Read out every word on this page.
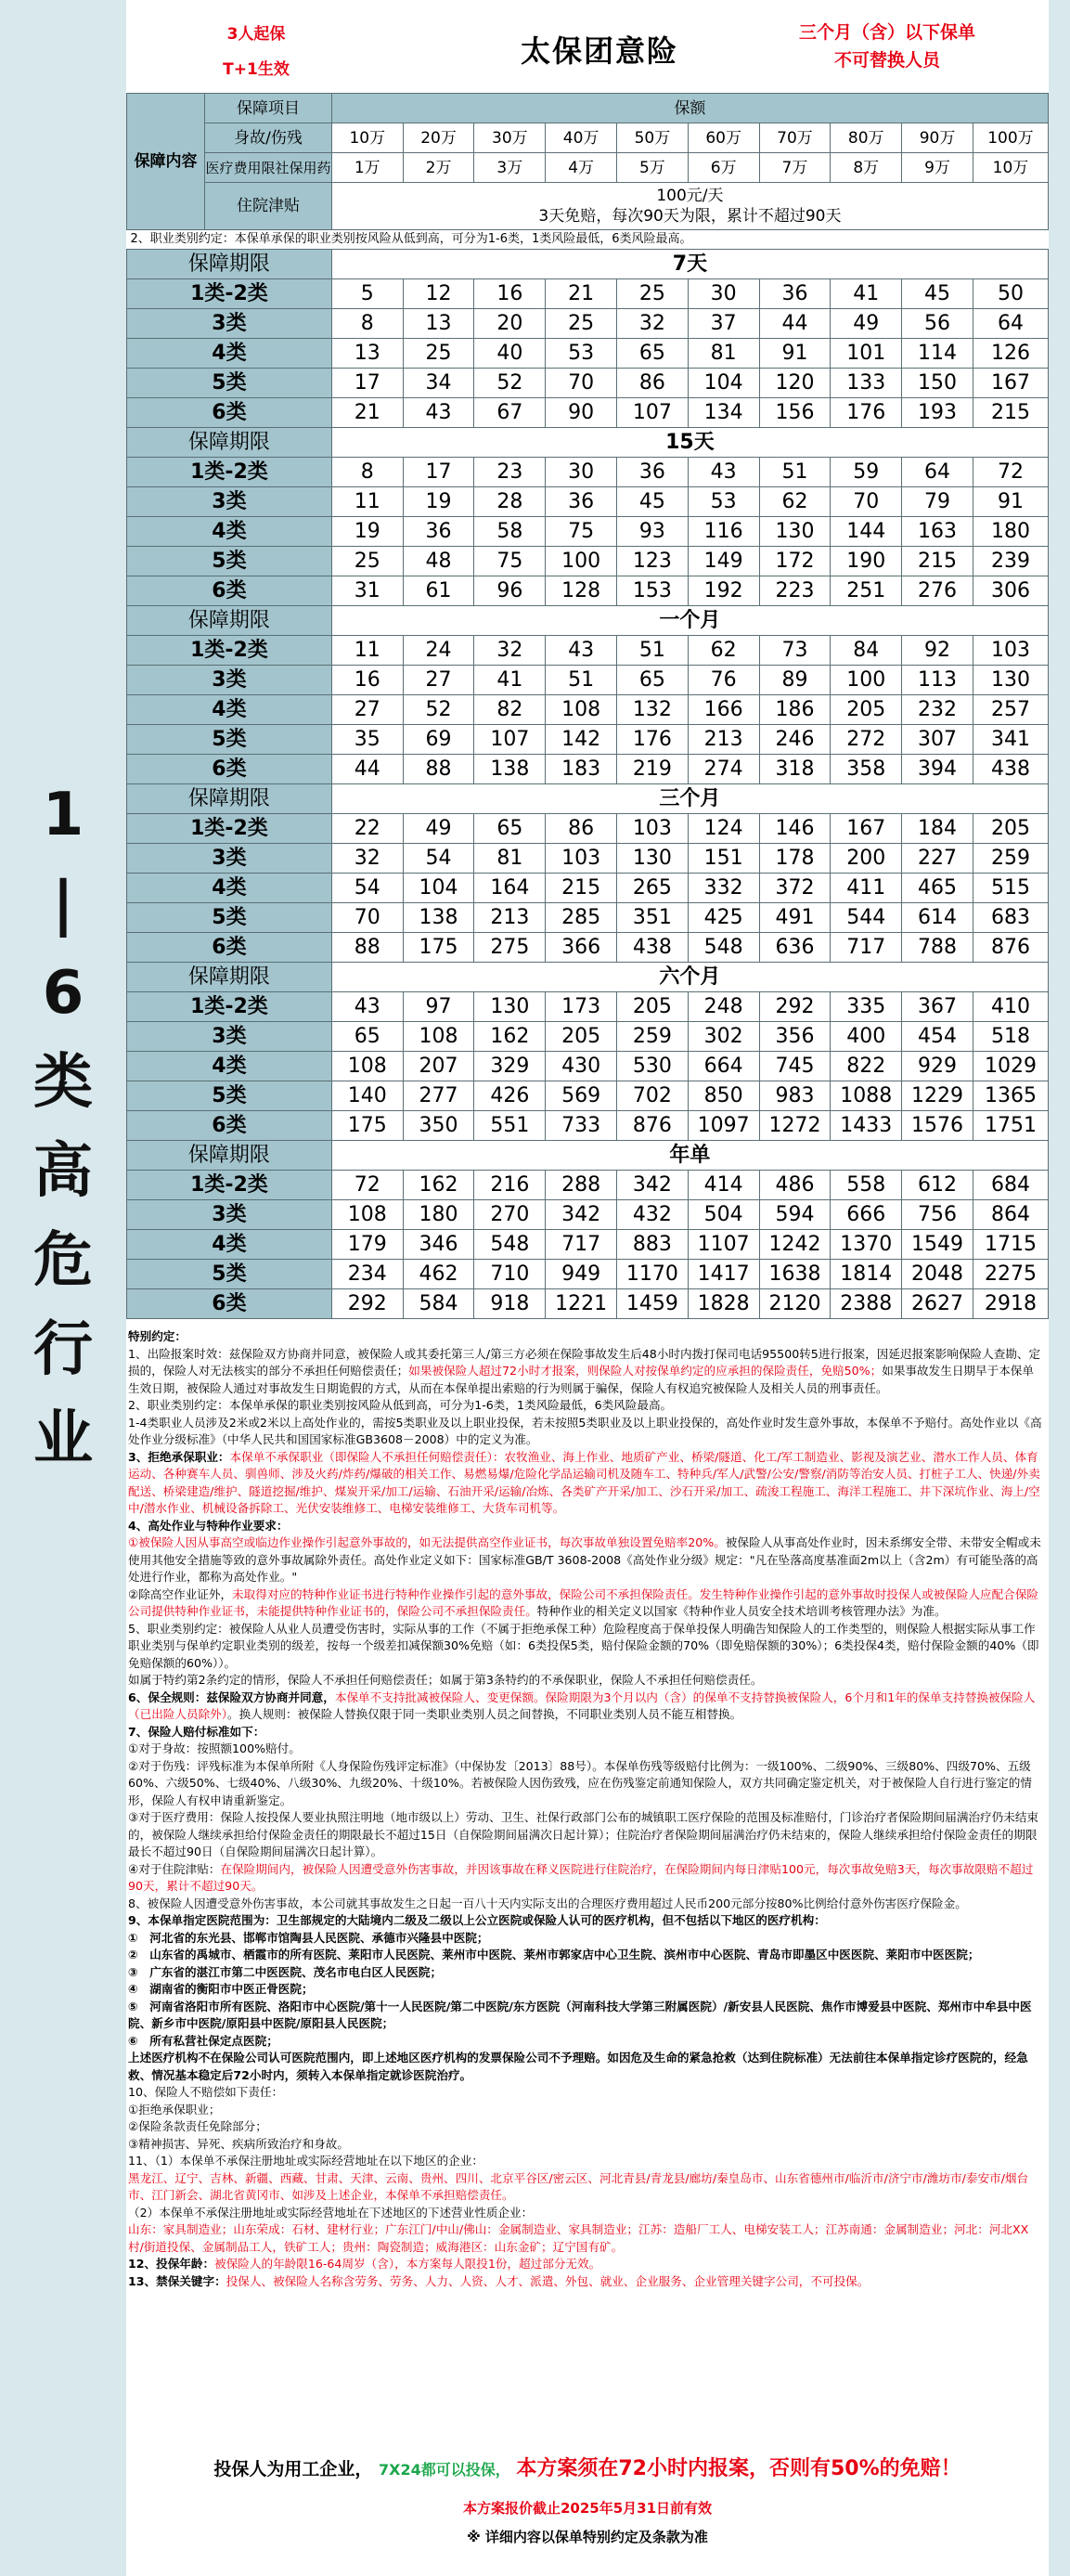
1
|
6
类
高
危
行
业
3人起保
T+1生效
太保团意险
三个月（含）以下保单
不可替换人员
保障内容	保障项目	保额									
	身故/伤残	10万	20万	30万	40万	50万	60万	70万	80万	90万	100万
	医疗费用限社保用药	1万	2万	3万	4万	5万	6万	7万	8万	9万	10万
	住院津贴	100元/天
3天免赔，每次90天为限，累计不超过90天									

2、职业类别约定：本保单承保的职业类别按风险从低到高，可分为1-6类，1类风险最低，6类风险最高。											
保障期限		7天									
1类-2类		5	12	16	21	25	30	36	41	45	50
3类		8	13	20	25	32	37	44	49	56	64
4类		13	25	40	53	65	81	91	101	114	126
5类		17	34	52	70	86	104	120	133	150	167
6类		21	43	67	90	107	134	156	176	193	215
保障期限		15天									
1类-2类		8	17	23	30	36	43	51	59	64	72
3类		11	19	28	36	45	53	62	70	79	91
4类		19	36	58	75	93	116	130	144	163	180
5类		25	48	75	100	123	149	172	190	215	239
6类		31	61	96	128	153	192	223	251	276	306
保障期限		一个月									
1类-2类		11	24	32	43	51	62	73	84	92	103
3类		16	27	41	51	65	76	89	100	113	130
4类		27	52	82	108	132	166	186	205	232	257
5类		35	69	107	142	176	213	246	272	307	341
6类		44	88	138	183	219	274	318	358	394	438
保障期限		三个月									
1类-2类		22	49	65	86	103	124	146	167	184	205
3类		32	54	81	103	130	151	178	200	227	259
4类		54	104	164	215	265	332	372	411	465	515
5类		70	138	213	285	351	425	491	544	614	683
6类		88	175	275	366	438	548	636	717	788	876
保障期限		六个月									
1类-2类		43	97	130	173	205	248	292	335	367	410
3类		65	108	162	205	259	302	356	400	454	518
4类		108	207	329	430	530	664	745	822	929	1029
5类		140	277	426	569	702	850	983	1088	1229	1365
6类		175	350	551	733	876	1097	1272	1433	1576	1751
保障期限		年单									
1类-2类		72	162	216	288	342	414	486	558	612	684
3类		108	180	270	342	432	504	594	666	756	864
4类		179	346	548	717	883	1107	1242	1370	1549	1715
5类		234	462	710	949	1170	1417	1638	1814	2048	2275
6类		292	584	918	1221	1459	1828	2120	2388	2627	2918

特别约定：

1、出险报案时效：兹保险双方协商并同意，被保险人或其委托第三人/第三方必须在保险事故发生后48小时内拨打保司电话95500转5进行报案，因延迟报案影响保险人查勘、定损的，保险人对无法核实的部分不承担任何赔偿责任；如果被保险人超过72小时才报案，则保险人对按保单约定的应承担的保险责任，免赔50%；如果事故发生日期早于本保单生效日期，被保险人通过对事故发生日期诡假的方式，从而在本保单提出索赔的行为则属于骗保，保险人有权追究被保险人及相关人员的刑事责任。

2、职业类别约定：本保单承保的职业类别按风险从低到高，可分为1-6类，1类风险最低，6类风险最高。

1-4类职业人员涉及2米或2米以上高处作业的，需按5类职业及以上职业投保，若未按照5类职业及以上职业投保的，高处作业时发生意外事故，本保单不予赔付。高处作业以《高处作业分级标准》（中华人民共和国国家标准GB3608－2008）中的定义为准。

3、拒绝承保职业：本保单不承保职业（即保险人不承担任何赔偿责任）：农牧渔业、海上作业、地质矿产业、桥梁/隧道、化工/军工制造业、影视及演艺业、潜水工作人员、体育运动、各种赛车人员、驯兽师、涉及火药/炸药/爆破的相关工作、易燃易爆/危险化学品运输司机及随车工、特种兵/军人/武警/公安/警察/消防等治安人员、打桩子工人、快递/外卖配送、桥梁建造/维护、隧道挖掘/维护、煤炭开采/加工/运输、石油开采/运输/冶炼、各类矿产开采/加工、沙石开采/加工、疏浚工程施工、海洋工程施工、井下深坑作业、海上/空中/潜水作业、机械设备拆除工、光伏安装维修工、电梯安装维修工、大货车司机等。

4、高处作业与特种作业要求：

①被保险人因从事高空或临边作业操作引起意外事故的，如无法提供高空作业证书，每次事故单独设置免赔率20%。被保险人从事高处作业时，因未系绑安全带、未带安全帽或未使用其他安全措施等致的意外事故属除外责任。高处作业定义如下：国家标准GB/T 3608-2008《高处作业分级》规定："凡在坠落高度基准面2m以上（含2m）有可能坠落的高处进行作业，都称为高处作业。"

②除高空作业证外，未取得对应的特种作业证书进行特种作业操作引起的意外事故，保险公司不承担保险责任。发生特种作业操作引起的意外事故时投保人或被保险人应配合保险公司提供特种作业证书，未能提供特种作业证书的，保险公司不承担保险责任。特种作业的相关定义以国家《特种作业人员安全技术培训考核管理办法》为准。

5、职业类别约定：被保险人从业人员遭受伤害时，实际从事的工作（不属于拒绝承保工种）危险程度高于保单投保人明确告知保险人的工作类型的，则保险人根据实际从事工作职业类别与保单约定职业类别的级差，按每一个级差扣减保额30%免赔（如：6类投保5类，赔付保险金额的70%（即免赔保额的30%）；6类投保4类，赔付保险金额的40%（即免赔保额的60%））。

如属于特约第2条约定的情形，保险人不承担任何赔偿责任；如属于第3条特约的不承保职业，保险人不承担任何赔偿责任。

6、保全规则：兹保险双方协商并同意，本保单不支持批减被保险人、变更保额。保险期限为3个月以内（含）的保单不支持替换被保险人，6个月和1年的保单支持替换被保险人（已出险人员除外）。换人规则：被保险人替换仅限于同一类职业类别人员之间替换，不同职业类别人员不能互相替换。

7、保险人赔付标准如下：

①对于身故：按照额100%赔付。

②对于伤残：评残标准为本保单所附《人身保险伤残评定标准》（中保协发〔2013〕88号）。本保单伤残等级赔付比例为：一级100%、二级90%、三级80%、四级70%、五级60%、六级50%、七级40%、八级30%、九级20%、十级10%。若被保险人因伤致残，应在伤残鉴定前通知保险人，双方共同确定鉴定机关，对于被保险人自行进行鉴定的情形，保险人有权申请重新鉴定。

③对于医疗费用：保险人按投保人要业执照注明地（地市级以上）劳动、卫生、社保行政部门公布的城镇职工医疗保险的范围及标准赔付，门诊治疗者保险期间届满治疗仍未结束的，被保险人继续承担给付保险金责任的期限最长不超过15日（自保险期间届满次日起计算）；住院治疗者保险期间届满治疗仍未结束的，保险人继续承担给付保险金责任的期限最长不超过90日（自保险期间届满次日起计算）。

④对于住院津贴：在保险期间内，被保险人因遭受意外伤害事故，并因该事故在释义医院进行住院治疗，在保险期间内每日津贴100元，每次事故免赔3天，每次事故限赔不超过90天，累计不超过90天。

8、被保险人因遭受意外伤害事故，本公司就其事故发生之日起一百八十天内实际支出的合理医疗费用超过人民币200元部分按80%比例给付意外伤害医疗保险金。

9、本保单指定医院范围为：卫生部规定的大陆境内二级及二级以上公立医院或保险人认可的医疗机构，但不包括以下地区的医疗机构：

①　河北省的东光县、邯郸市馆陶县人民医院、承德市兴隆县中医院；

②　山东省的禹城市、栖霞市的所有医院、莱阳市人民医院、莱州市中医院、莱州市郭家店中心卫生院、滨州市中心医院、青岛市即墨区中医医院、莱阳市中医医院；

③　广东省的湛江市第二中医医院、茂名市电白区人民医院；

④　湖南省的衡阳市中医正骨医院；

⑤　河南省洛阳市所有医院、洛阳市中心医院/第十一人民医院/第二中医院/东方医院（河南科技大学第三附属医院）/新安县人民医院、焦作市博爱县中医院、郑州市中牟县中医院、新乡市中医院/原阳县中医院/原阳县人民医院；

⑥　所有私营社保定点医院；

上述医疗机构不在保险公司认可医院范围内，即上述地区医疗机构的发票保险公司不予理赔。如因危及生命的紧急抢救（达到住院标准）无法前往本保单指定诊疗医院的，经急救、情况基本稳定后72小时内，须转入本保单指定就诊医院治疗。

10、保险人不赔偿如下责任：

①拒绝承保职业；

②保险条款责任免除部分；

③精神损害、异死、疾病所致治疗和身故。

11、（1）本保单不承保注册地址或实际经营地址在以下地区的企业：

黑龙江、辽宁、吉林、新疆、西藏、甘肃、天津、云南、贵州、四川、北京平谷区/密云区、河北青县/青龙县/廊坊/秦皇岛市、山东省德州市/临沂市/济宁市/潍坊市/泰安市/烟台市、江门新会、湖北省黄冈市、如涉及上述企业，本保单不承担赔偿责任。

（2）本保单不承保注册地址或实际经营地址在下述地区的下述营业性质企业：

山东：家具制造业；山东荣成：石材、建材行业；广东江门/中山/佛山：金属制造业、家具制造业；江苏：造船厂工人、电梯安装工人；江苏南通：金属制造业；河北：河北XX村/街道投保、金属制品工人，铁矿工人；贵州：陶瓷制造；威海港区：山东金矿；辽宁国有矿。

12、投保年龄：被保险人的年龄限16-64周岁（含），本方案每人限投1份，超过部分无效。

13、禁保关键字：投保人、被保险人名称含劳务、劳务、人力、人资、人才、派遣、外包、就业、企业服务、企业管理关键字公司，不可投保。

投保人为用工企业， 7X24都可以投保， 本方案须在72小时内报案，否则有50%的免赔！
本方案报价截止2025年5月31日前有效
※ 详细内容以保单特别约定及条款为准
